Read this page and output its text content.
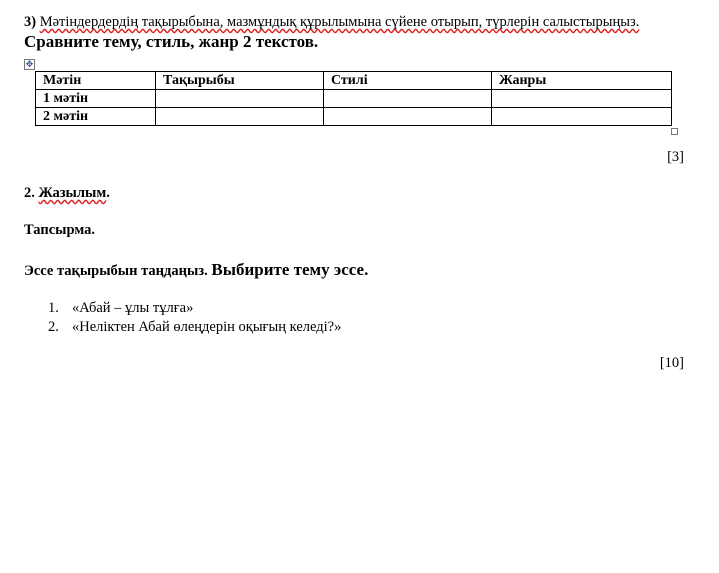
3) Мәтіндердердің тақырыбына, мазмұндық құрылымына сүйене отырып, түрлерін салыстырыңыз. Сравните тему, стиль, жанр 2 текстов.
✥
Мәтін	Тақырыбы	Стилі	Жанры
1 мәтін			
2 мәтін			
[3]
2. Жазылым.
Тапсырма.
Эссе тақырыбын таңдаңыз. Выбирите тему эссе.
1. «Абай – ұлы тұлға»
2. «Неліктен Абай өлеңдерін оқығың келеді?»
[10]
